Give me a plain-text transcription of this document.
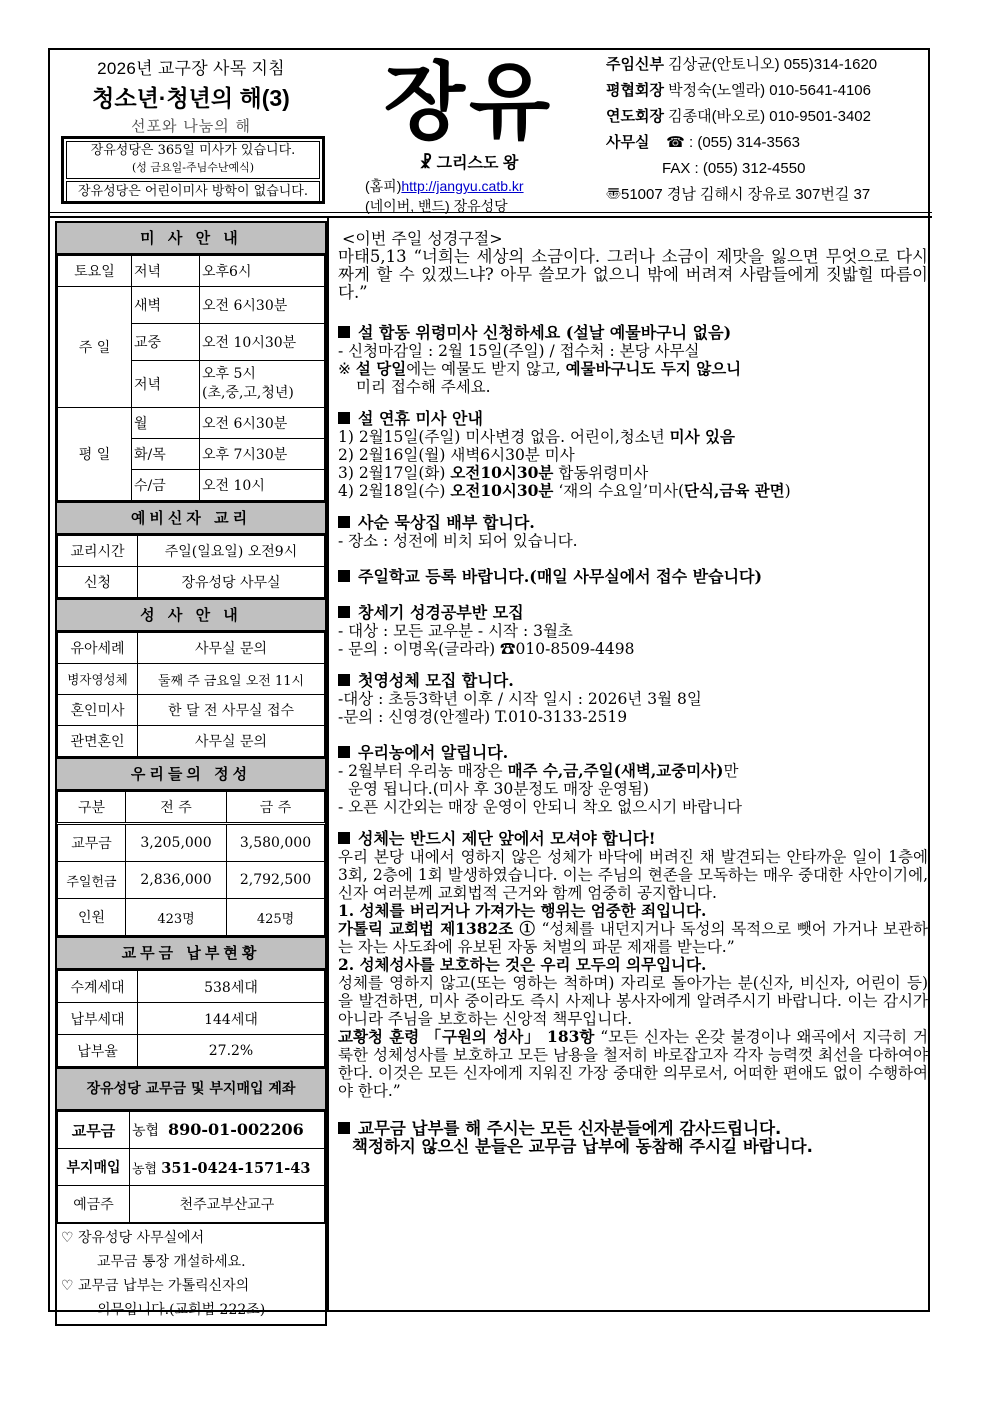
2026년 교구장 사목 지침
청소년·청년의 해(3)
선포와 나눔의 해
장유성당은 365일 미사가 있습니다.
(성 금요일-주님수난예식)
장유성당은 어린이미사 방학이 없습니다.
장유
☧ 그리스도 왕
(홈피)http://jangyu.catb.kr
(네이버, 밴드) 장유성당
주임신부 김상균(안토니오) 055)314-1620
평협회장 박정숙(노엘라) 010-5641-4106
연도회장 김종대(바오로) 010-9501-3402
사무실 ☎ : (055) 314-3563
FAX : (055) 312-4550
〠51007 경남 김해시 장유로 307번길 37
미 사 안 내
토요일	저녁	오후6시
주 일	새벽	오전 6시30분
	교중	오전 10시30분
	저녁	오후 5시
(초,중,고,청년)
평 일	월	오전 6시30분
	화/목	오후 7시30분
	수/금	오전 10시
예비신자 교리
교리시간	주일(일요일) 오전9시
신청	장유성당 사무실
성 사 안 내
유아세례	사무실 문의
병자영성체	둘째 주 금요일 오전 11시
혼인미사	한 달 전 사무실 접수
관면혼인	사무실 문의
우리들의 정성
구분	전 주	금 주
교무금	3,205,000	3,580,000
주일헌금	2,836,000	2,792,500
인원	423명	425명
교무금 납부현황
수계세대	538세대
납부세대	144세대
납부율	27.2%
장유성당 교무금 및 부지매입 계좌
교무금	농협 890-01-002206
부지매입	농협 351-0424-1571-43
예금주	천주교부산교구
♡ 장유성당 사무실에서
교무금 통장 개설하세요.
♡ 교무금 납부는 가톨릭신자의
의무입니다.(교회법 222조)
<이번 주일 성경구절>
마태5,13 “너희는 세상의 소금이다. 그러나 소금이 제맛을 잃으면 무엇으로 다시 짜게 할 수 있겠느냐? 아무 쓸모가 없으니 밖에 버려져 사람들에게 짓밟힐 따름이다.”
설 합동 위령미사 신청하세요 (설날 예물바구니 없음)
- 신청마감일 : 2월 15일(주일) / 접수처 : 본당 사무실
※ 설 당일에는 예물도 받지 않고, 예물바구니도 두지 않으니
미리 접수해 주세요.
설 연휴 미사 안내
1) 2월15일(주일) 미사변경 없음. 어린이,청소년 미사 있음
2) 2월16일(월) 새벽6시30분 미사
3) 2월17일(화) 오전10시30분 합동위령미사
4) 2월18일(수) 오전10시30분 ‘재의 수요일’미사(단식,금육 관면)
사순 묵상집 배부 합니다.
- 장소 : 성전에 비치 되어 있습니다.
주일학교 등록 바랍니다.(매일 사무실에서 접수 받습니다)
창세기 성경공부반 모집
- 대상 : 모든 교우분 - 시작 : 3월초
- 문의 : 이명옥(글라라) ☎010-8509-4498
첫영성체 모집 합니다.
-대상 : 초등3학년 이후 / 시작 일시 : 2026년 3월 8일
-문의 : 신영경(안젤라) T.010-3133-2519
우리농에서 알립니다.
- 2월부터 우리농 매장은 매주 수,금,주일(새벽,교중미사)만
운영 됩니다.(미사 후 30분정도 매장 운영됨)
- 오픈 시간외는 매장 운영이 안되니 착오 없으시기 바랍니다
성체는 반드시 제단 앞에서 모셔야 합니다!
우리 본당 내에서 영하지 않은 성체가 바닥에 버려진 채 발견되는 안타까운 일이 1층에 3회, 2층에 1회 발생하였습니다. 이는 주님의 현존을 모독하는 매우 중대한 사안이기에, 신자 여러분께 교회법적 근거와 함께 엄중히 공지합니다.
1. 성체를 버리거나 가져가는 행위는 엄중한 죄입니다.
가톨릭 교회법 제1382조 ① “성체를 내던지거나 독성의 목적으로 뺏어 가거나 보관하는 자는 사도좌에 유보된 자동 처벌의 파문 제재를 받는다.”
2. 성체성사를 보호하는 것은 우리 모두의 의무입니다.
성체를 영하지 않고(또는 영하는 척하며) 자리로 돌아가는 분(신자, 비신자, 어린이 등)을 발견하면, 미사 중이라도 즉시 사제나 봉사자에게 알려주시기 바랍니다. 이는 감시가 아니라 주님을 보호하는 신앙적 책무입니다.
교황청 훈령 「구원의 성사」 183항 “모든 신자는 온갖 불경이나 왜곡에서 지극히 거룩한 성체성사를 보호하고 모든 남용을 철저히 바로잡고자 각자 능력껏 최선을 다하여야 한다. 이것은 모든 신자에게 지워진 가장 중대한 의무로서, 어떠한 편애도 없이 수행하여야 한다.”
교무금 납부를 해 주시는 모든 신자분들에게 감사드립니다.
책정하지 않으신 분들은 교무금 납부에 동참해 주시길 바랍니다.
